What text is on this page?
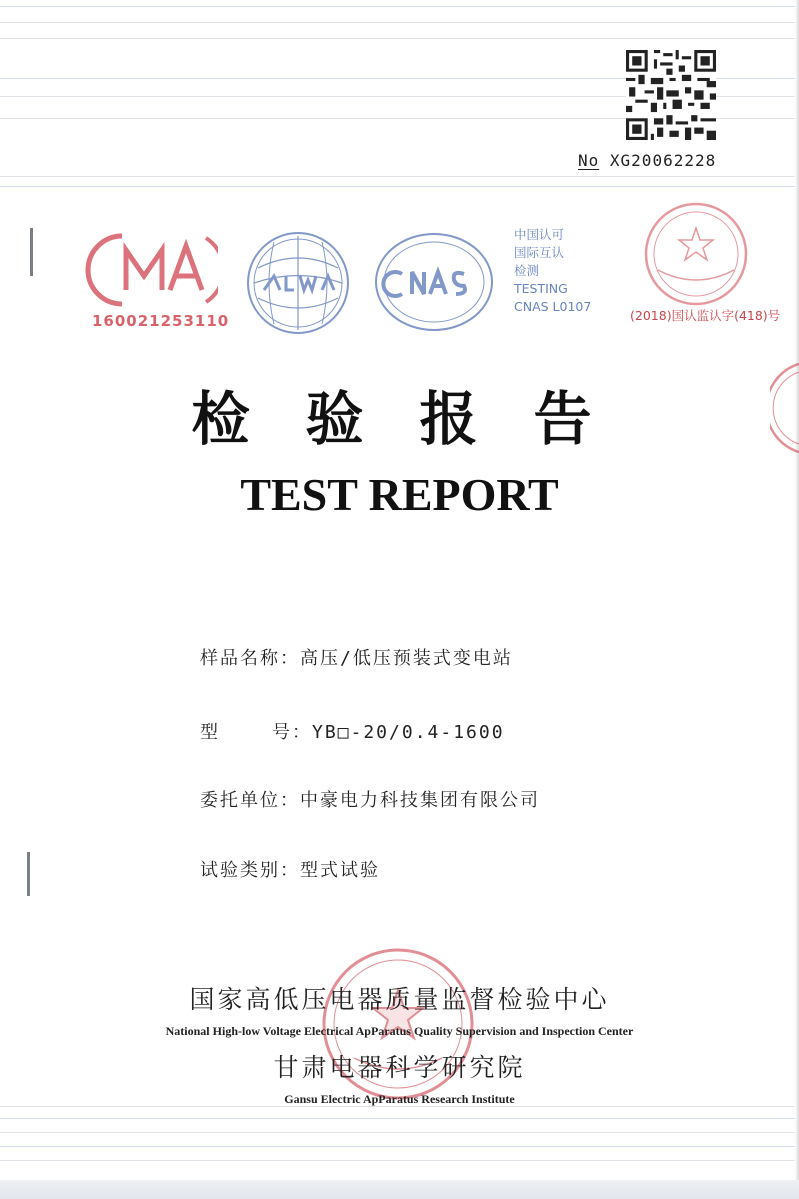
No XG20062228
160021253110
中国认可
国际互认
检测
TESTING
CNAS L0107
(2018)国认监认字(418)号
检验报告
TEST REPORT
样品名称：高压/低压预装式变电站
型	号：YB□-20/0.4-1600
委托单位：中豪电力科技集团有限公司
试验类别：型式试验
国家高低压电器质量监督检验中心
National High-low Voltage Electrical ApParatus Quality Supervision and Inspection Center
甘肃电器科学研究院
Gansu Electric ApParatus Research Institute
